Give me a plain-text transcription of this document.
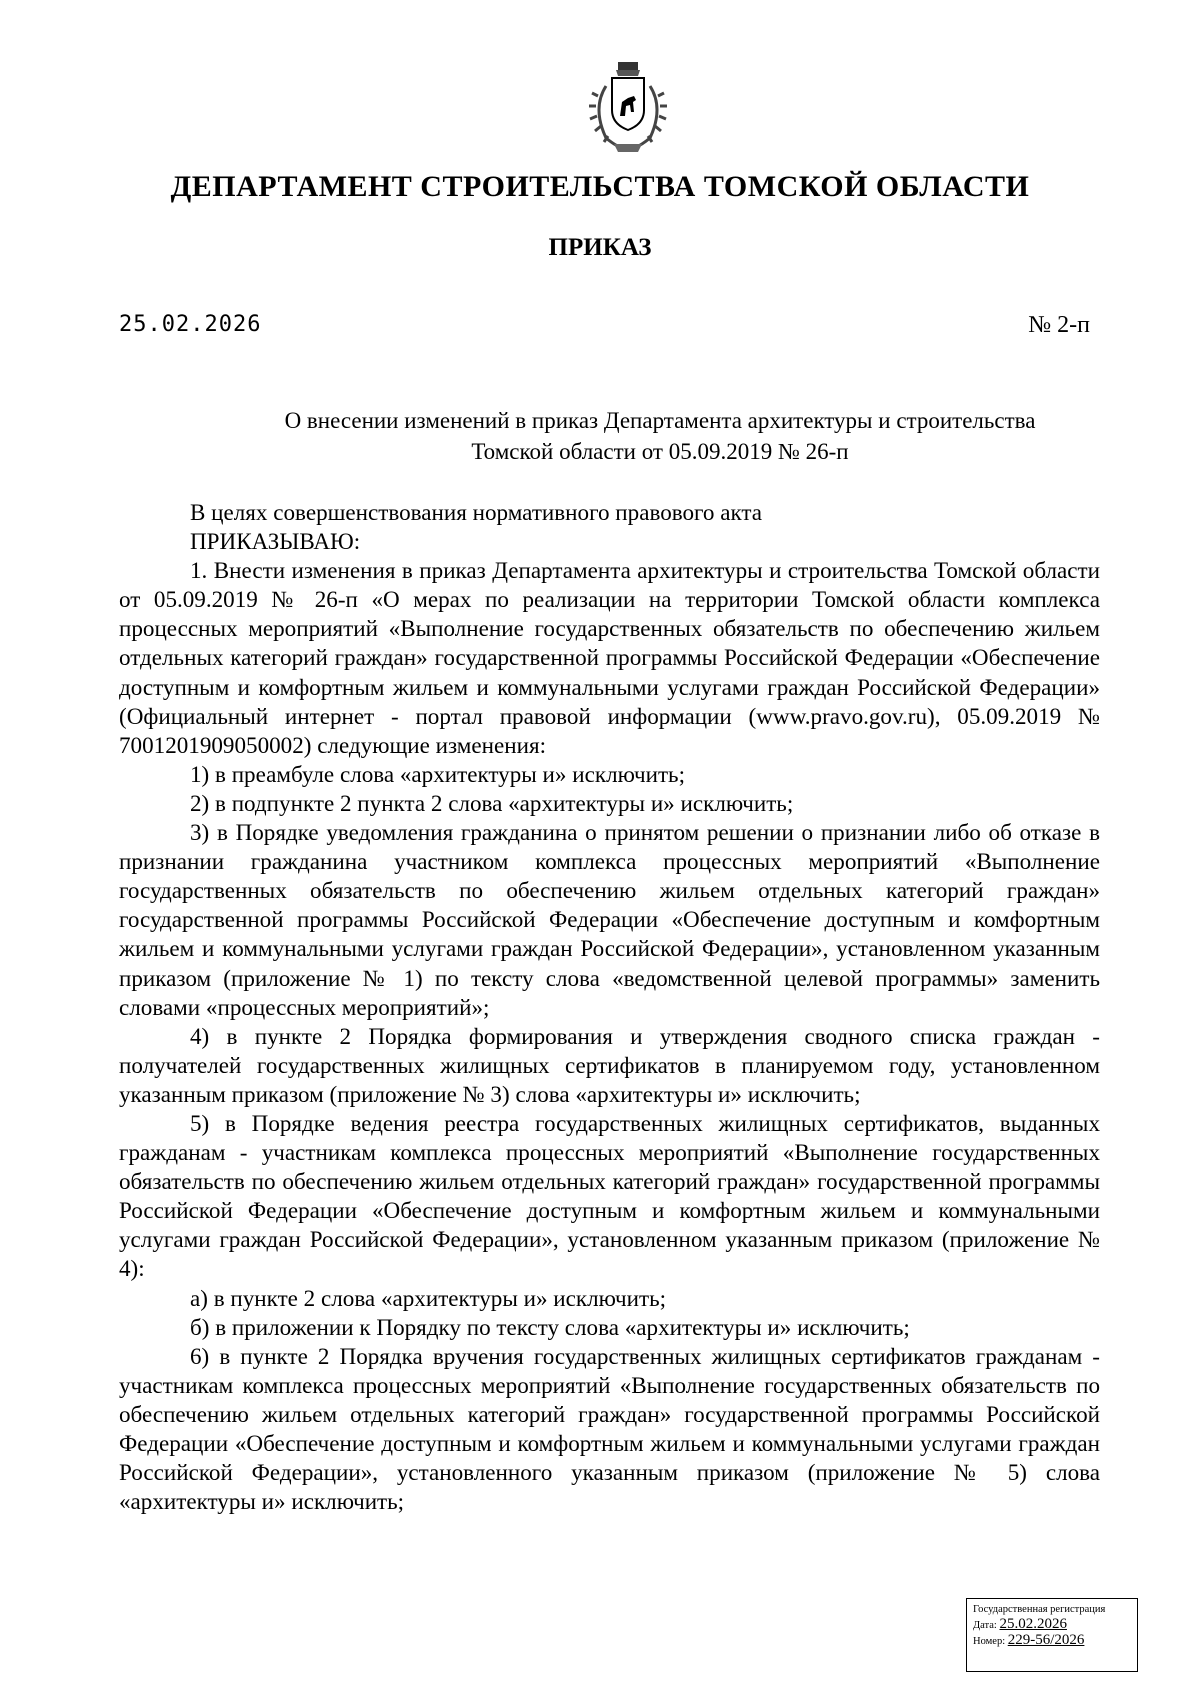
ДЕПАРТАМЕНТ СТРОИТЕЛЬСТВА ТОМСКОЙ ОБЛАСТИ
ПРИКАЗ
25.02.2026	№ 2-п
О внесении изменений в приказ Департамента архитектуры и строительства
Томской области от 05.09.2019 № 26-п

В целях совершенствования нормативного правового акта

ПРИКАЗЫВАЮ:

1. Внести изменения в приказ Департамента архитектуры и строительства Томской области от 05.09.2019 № 26-п «О мерах по реализации на территории Томской области комплекса процессных мероприятий «Выполнение государственных обязательств по обеспечению жильем отдельных категорий граждан» государственной программы Российской Федерации «Обеспечение доступным и комфортным жильем и коммунальными услугами граждан Российской Федерации» (Официальный интернет - портал правовой информации (www.pravo.gov.ru), 05.09.2019 № 7001201909050002) следующие изменения:

1) в преамбуле слова «архитектуры и» исключить;

2) в подпункте 2 пункта 2 слова «архитектуры и» исключить;

3) в Порядке уведомления гражданина о принятом решении о признании либо об отказе в признании гражданина участником комплекса процессных мероприятий «Выполнение государственных обязательств по обеспечению жильем отдельных категорий граждан» государственной программы Российской Федерации «Обеспечение доступным и комфортным жильем и коммунальными услугами граждан Российской Федерации», установленном указанным приказом (приложение № 1) по тексту слова «ведомственной целевой программы» заменить словами «процессных мероприятий»;

4) в пункте 2 Порядка формирования и утверждения сводного списка граждан - получателей государственных жилищных сертификатов в планируемом году, установленном указанным приказом (приложение № 3) слова «архитектуры и» исключить;

5) в Порядке ведения реестра государственных жилищных сертификатов, выданных гражданам - участникам комплекса процессных мероприятий «Выполнение государственных обязательств по обеспечению жильем отдельных категорий граждан» государственной программы Российской Федерации «Обеспечение доступным и комфортным жильем и коммунальными услугами граждан Российской Федерации», установленном указанным приказом (приложение № 4):

а) в пункте 2 слова «архитектуры и» исключить;

б) в приложении к Порядку по тексту слова «архитектуры и» исключить;

6) в пункте 2 Порядка вручения государственных жилищных сертификатов гражданам - участникам комплекса процессных мероприятий «Выполнение государственных обязательств по обеспечению жильем отдельных категорий граждан» государственной программы Российской Федерации «Обеспечение доступным и комфортным жильем и коммунальными услугами граждан Российской Федерации», установленного указанным приказом (приложение № 5) слова «архитектуры и» исключить;

Государственная регистрация
Дата: 25.02.2026
Номер: 229-56/2026
